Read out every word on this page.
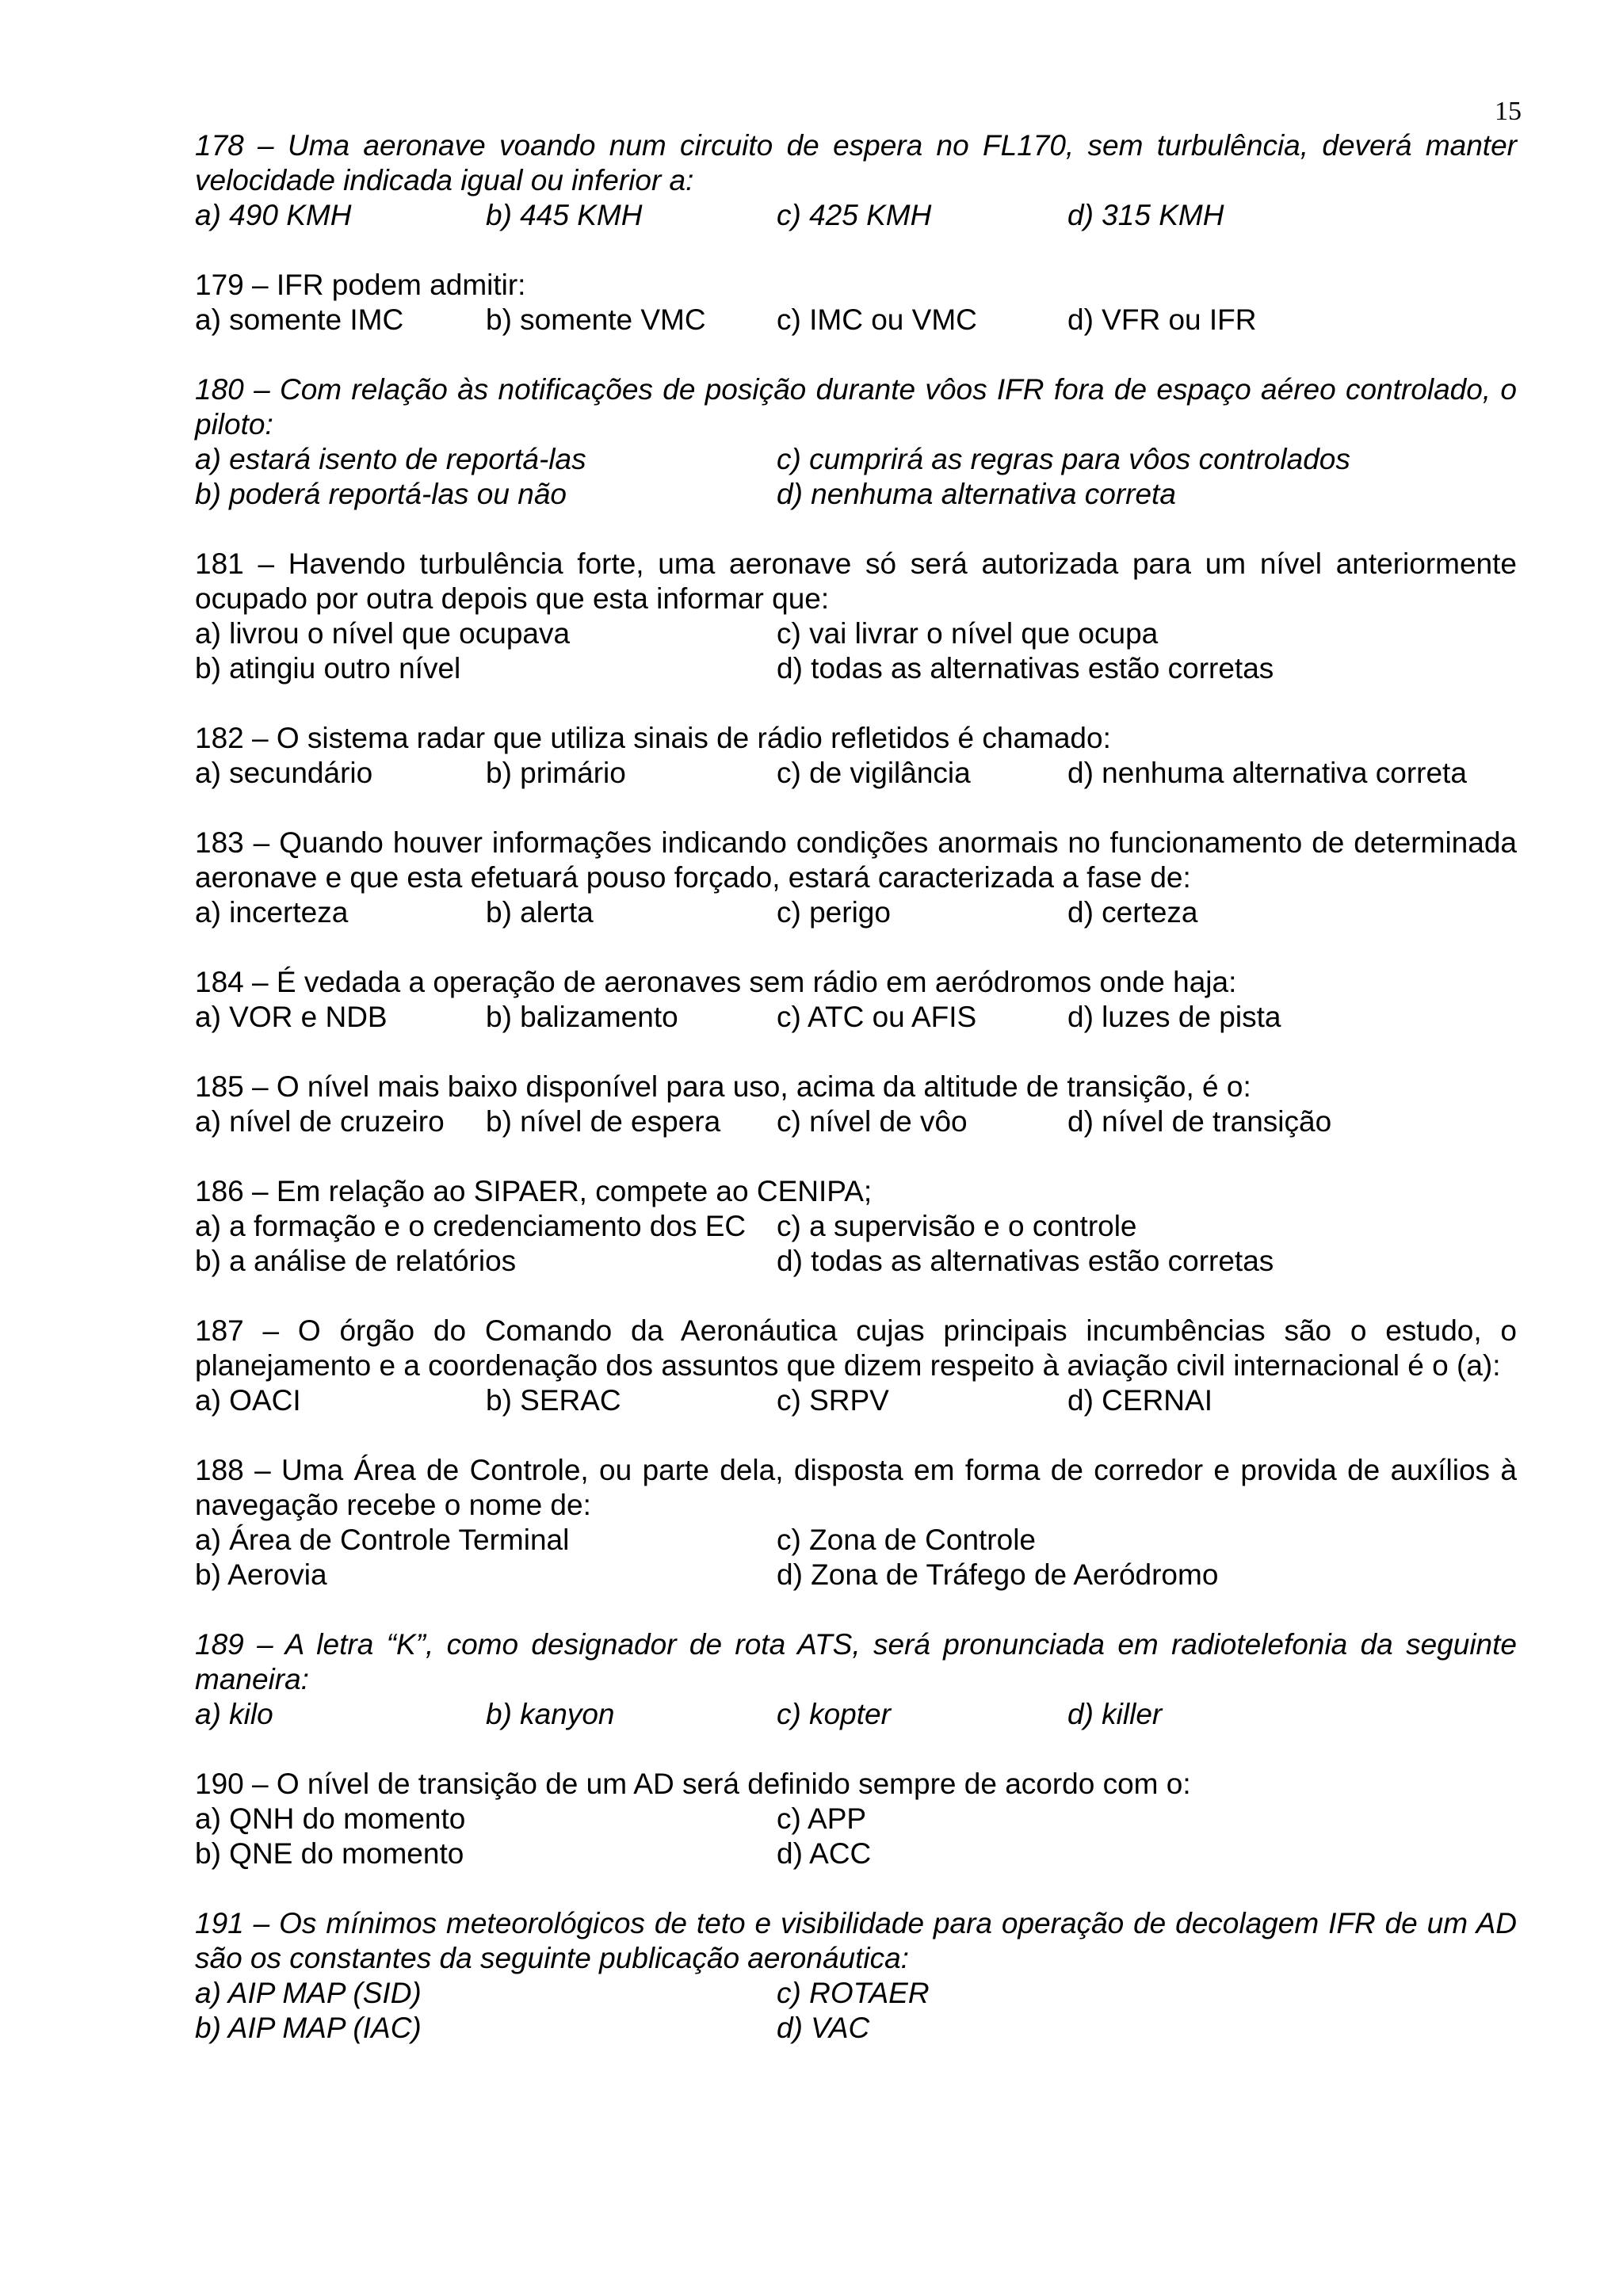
15
178 – Uma aeronave voando num circuito de espera no FL170, sem turbulência, deverá manter velocidade indicada igual ou inferior a:
a) 490 KMH	b) 445 KMH	c) 425 KMH	d) 315 KMH
179 – IFR podem admitir:
a) somente IMC	b) somente VMC	c) IMC ou VMC	d) VFR ou IFR
180 – Com relação às notificações de posição durante vôos IFR fora de espaço aéreo controlado, o piloto:
a) estará isento de reportá-las	c) cumprirá as regras para vôos controlados
b) poderá reportá-las ou não	d) nenhuma alternativa correta
181 – Havendo turbulência forte, uma aeronave só será autorizada para um nível anteriormente ocupado por outra depois que esta informar que:
a) livrou o nível que ocupava	c) vai livrar o nível que ocupa
b) atingiu outro nível	d) todas as alternativas estão corretas
182 – O sistema radar que utiliza sinais de rádio refletidos é chamado:
a) secundário	b) primário	c) de vigilância	d) nenhuma alternativa correta
183 – Quando houver informações indicando condições anormais no funcionamento de determinada aeronave e que esta efetuará pouso forçado, estará caracterizada a fase de:
a) incerteza	b) alerta	c) perigo	d) certeza
184 – É vedada a operação de aeronaves sem rádio em aeródromos onde haja:
a) VOR e NDB	b) balizamento	c) ATC ou AFIS	d) luzes de pista
185 – O nível mais baixo disponível para uso, acima da altitude de transição, é o:
a) nível de cruzeiro	b) nível de espera	c) nível de vôo	d) nível de transição
186 – Em relação ao SIPAER, compete ao CENIPA;
a) a formação e o credenciamento dos EC	c) a supervisão e o controle
b) a análise de relatórios	d) todas as alternativas estão corretas
187 – O órgão do Comando da Aeronáutica cujas principais incumbências são o estudo, o planejamento e a coordenação dos assuntos que dizem respeito à aviação civil internacional é o (a):
a) OACI	b) SERAC	c) SRPV	d) CERNAI
188 – Uma Área de Controle, ou parte dela, disposta em forma de corredor e provida de auxílios à navegação recebe o nome de:
a) Área de Controle Terminal	c) Zona de Controle
b) Aerovia	d) Zona de Tráfego de Aeródromo
189 – A letra “K”, como designador de rota ATS, será pronunciada em radiotelefonia da seguinte maneira:
a) kilo	b) kanyon	c) kopter	d) killer
190 – O nível de transição de um AD será definido sempre de acordo com o:
a) QNH do momento	c) APP
b) QNE do momento	d) ACC
191 – Os mínimos meteorológicos de teto e visibilidade para operação de decolagem IFR de um AD são os constantes da seguinte publicação aeronáutica:
a) AIP MAP (SID)	c) ROTAER
b) AIP MAP (IAC)	d) VAC
